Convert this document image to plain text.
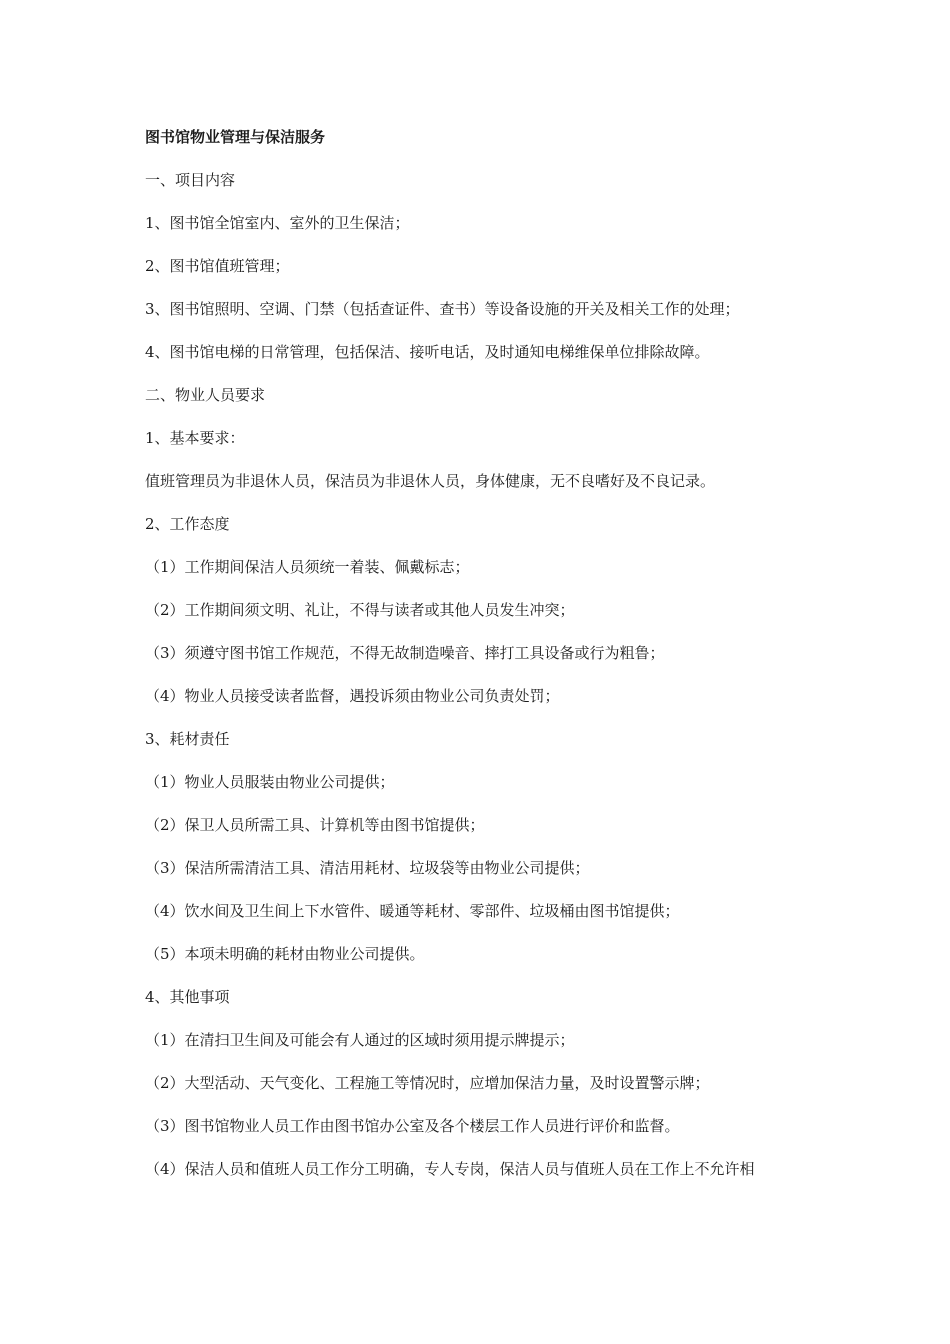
图书馆物业管理与保洁服务
一、项目内容
1、图书馆全馆室内、室外的卫生保洁；
2、图书馆值班管理；
3、图书馆照明、空调、门禁（包括查证件、查书）等设备设施的开关及相关工作的处理；
4、图书馆电梯的日常管理，包括保洁、接听电话，及时通知电梯维保单位排除故障。
二、物业人员要求
1、基本要求：
值班管理员为非退休人员，保洁员为非退休人员，身体健康，无不良嗜好及不良记录。
2、工作态度
（1）工作期间保洁人员须统一着装、佩戴标志；
（2）工作期间须文明、礼让，不得与读者或其他人员发生冲突；
（3）须遵守图书馆工作规范，不得无故制造噪音、摔打工具设备或行为粗鲁；
（4）物业人员接受读者监督，遇投诉须由物业公司负责处罚；
3、耗材责任
（1）物业人员服装由物业公司提供；
（2）保卫人员所需工具、计算机等由图书馆提供；
（3）保洁所需清洁工具、清洁用耗材、垃圾袋等由物业公司提供；
（4）饮水间及卫生间上下水管件、暖通等耗材、零部件、垃圾桶由图书馆提供；
（5）本项未明确的耗材由物业公司提供。
4、其他事项
（1）在清扫卫生间及可能会有人通过的区域时须用提示牌提示；
（2）大型活动、天气变化、工程施工等情况时，应增加保洁力量，及时设置警示牌；
（3）图书馆物业人员工作由图书馆办公室及各个楼层工作人员进行评价和监督。
（4）保洁人员和值班人员工作分工明确，专人专岗，保洁人员与值班人员在工作上不允许相
